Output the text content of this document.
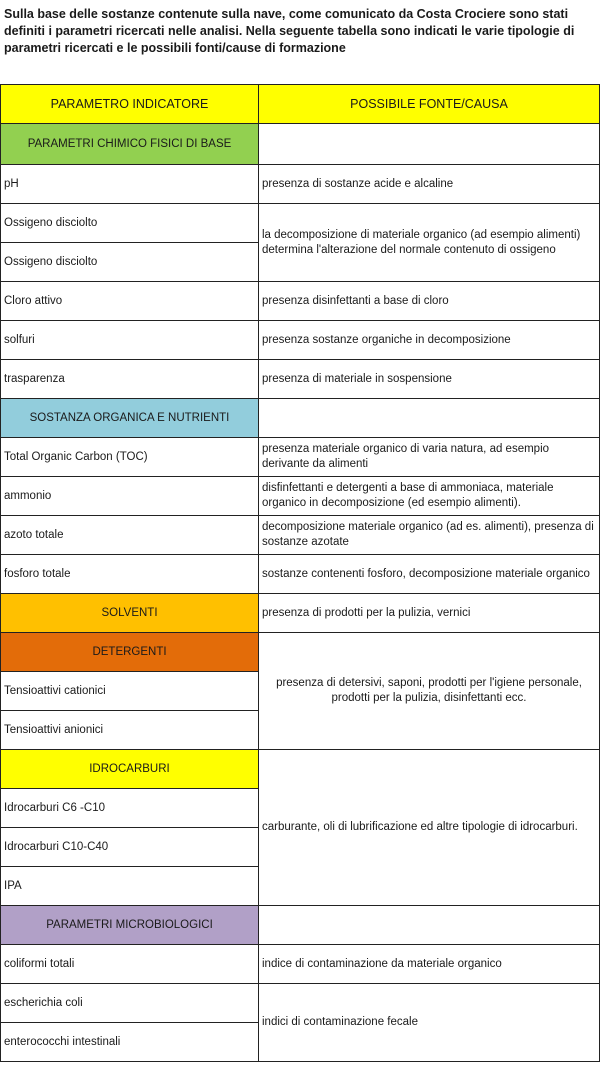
Sulla base delle sostanze contenute sulla nave, come comunicato da Costa Crociere sono stati definiti i parametri ricercati nelle analisi. Nella seguente tabella sono indicati le varie tipologie di parametri ricercati e le possibili fonti/cause di formazione
PARAMETRO INDICATORE	POSSIBILE FONTE/CAUSA
PARAMETRI CHIMICO FISICI DI BASE	
pH	presenza di sostanze acide e alcaline
Ossigeno disciolto	la decomposizione di materiale organico (ad esempio alimenti) determina l'alterazione del normale contenuto di ossigeno
Ossigeno disciolto	
Cloro attivo	presenza disinfettanti a base di cloro
solfuri	presenza sostanze organiche in decomposizione
trasparenza	presenza di materiale in sospensione
SOSTANZA ORGANICA E NUTRIENTI	
Total Organic Carbon (TOC)	presenza materiale organico di varia natura, ad esempio derivante da alimenti
ammonio	disfinfettanti e detergenti a base di ammoniaca, materiale organico in decomposizione (ed esempio alimenti).
azoto totale	decomposizione materiale organico (ad es. alimenti), presenza di sostanze azotate
fosforo totale	sostanze contenenti fosforo, decomposizione materiale organico
SOLVENTI	presenza di prodotti per la pulizia, vernici
DETERGENTI	presenza di detersivi, saponi, prodotti per l'igiene personale, prodotti per la pulizia, disinfettanti ecc.
Tensioattivi cationici	
Tensioattivi anionici	
IDROCARBURI	carburante, oli di lubrificazione ed altre tipologie di idrocarburi.
Idrocarburi C6 -C10	
Idrocarburi C10-C40	
IPA	
PARAMETRI MICROBIOLOGICI	
coliformi totali	indice di contaminazione da materiale organico
escherichia coli	indici di contaminazione fecale
enterococchi intestinali	
